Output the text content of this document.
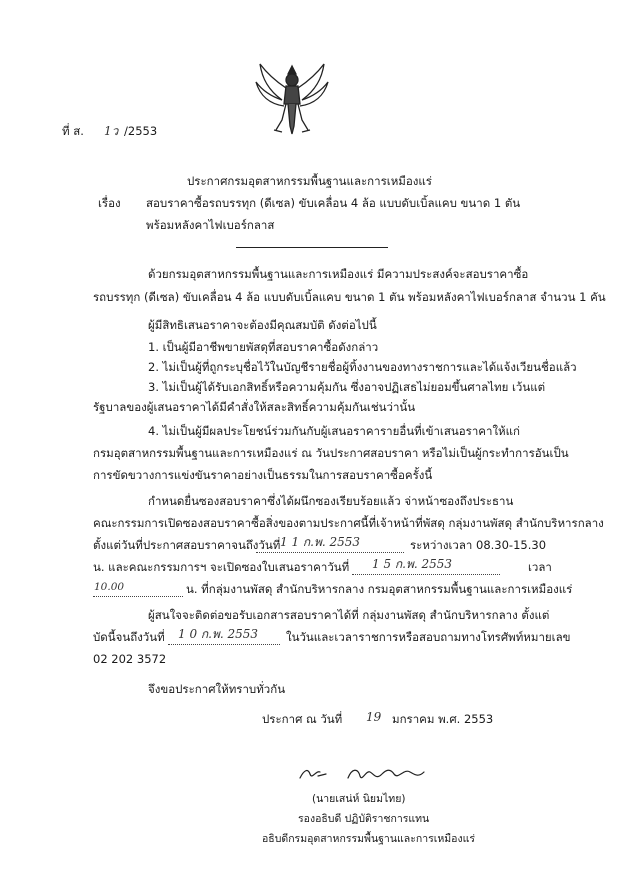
ที่ ส. 1ว /2553
ประกาศกรมอุตสาหกรรมพื้นฐานและการเหมืองแร่
เรื่อง สอบราคาซื้อรถบรรทุก (ดีเซล) ขับเคลื่อน 4 ล้อ แบบดับเบิ้ลแคบ ขนาด 1 ตัน
พร้อมหลังคาไฟเบอร์กลาส
ด้วยกรมอุตสาหกรรมพื้นฐานและการเหมืองแร่ มีความประสงค์จะสอบราคาซื้อ
รถบรรทุก (ดีเซล) ขับเคลื่อน 4 ล้อ แบบดับเบิ้ลแคบ ขนาด 1 ตัน พร้อมหลังคาไฟเบอร์กลาส จำนวน 1 คัน
ผู้มีสิทธิเสนอราคาจะต้องมีคุณสมบัติ ดังต่อไปนี้
1. เป็นผู้มีอาชีพขายพัสดุที่สอบราคาซื้อดังกล่าว
2. ไม่เป็นผู้ที่ถูกระบุชื่อไว้ในบัญชีรายชื่อผู้ทิ้งงานของทางราชการและได้แจ้งเวียนชื่อแล้ว
3. ไม่เป็นผู้ได้รับเอกสิทธิ์หรือความคุ้มกัน ซึ่งอาจปฏิเสธไม่ยอมขึ้นศาลไทย เว้นแต่
รัฐบาลของผู้เสนอราคาได้มีคำสั่งให้สละสิทธิ์ความคุ้มกันเช่นว่านั้น
4. ไม่เป็นผู้มีผลประโยชน์ร่วมกันกับผู้เสนอราคารายอื่นที่เข้าเสนอราคาให้แก่
กรมอุตสาหกรรมพื้นฐานและการเหมืองแร่ ณ วันประกาศสอบราคา หรือไม่เป็นผู้กระทำการอันเป็น
การขัดขวางการแข่งขันราคาอย่างเป็นธรรมในการสอบราคาซื้อครั้งนี้
กำหนดยื่นซองสอบราคาซึ่งได้ผนึกซองเรียบร้อยแล้ว จ่าหน้าซองถึงประธาน
คณะกรรมการเปิดซองสอบราคาซื้อสิ่งของตามประกาศนี้ที่เจ้าหน้าที่พัสดุ กลุ่มงานพัสดุ สำนักบริหารกลาง
ตั้งแต่วันที่ประกาศสอบราคาจนถึงวันที่ 1 1 ก.พ. 2553	ระหว่างเวลา 08.30-15.30
น. และคณะกรรมการฯ จะเปิดซองใบเสนอราคาวันที่ 1 5 ก.พ. 2553	เวลา
10.00	น. ที่กลุ่มงานพัสดุ สำนักบริหารกลาง กรมอุตสาหกรรมพื้นฐานและการเหมืองแร่
ผู้สนใจจะติดต่อขอรับเอกสารสอบราคาได้ที่ กลุ่มงานพัสดุ สำนักบริหารกลาง ตั้งแต่
บัดนี้จนถึงวันที่ 1 0 ก.พ. 2553 ในวันและเวลาราชการหรือสอบถามทางโทรศัพท์หมายเลข
02 202 3572
จึงขอประกาศให้ทราบทั่วกัน
ประกาศ ณ วันที่ 19 มกราคม พ.ศ. 2553
(นายเสน่ห์ นิยมไทย)
รองอธิบดี ปฏิบัติราชการแทน
อธิบดีกรมอุตสาหกรรมพื้นฐานและการเหมืองแร่
